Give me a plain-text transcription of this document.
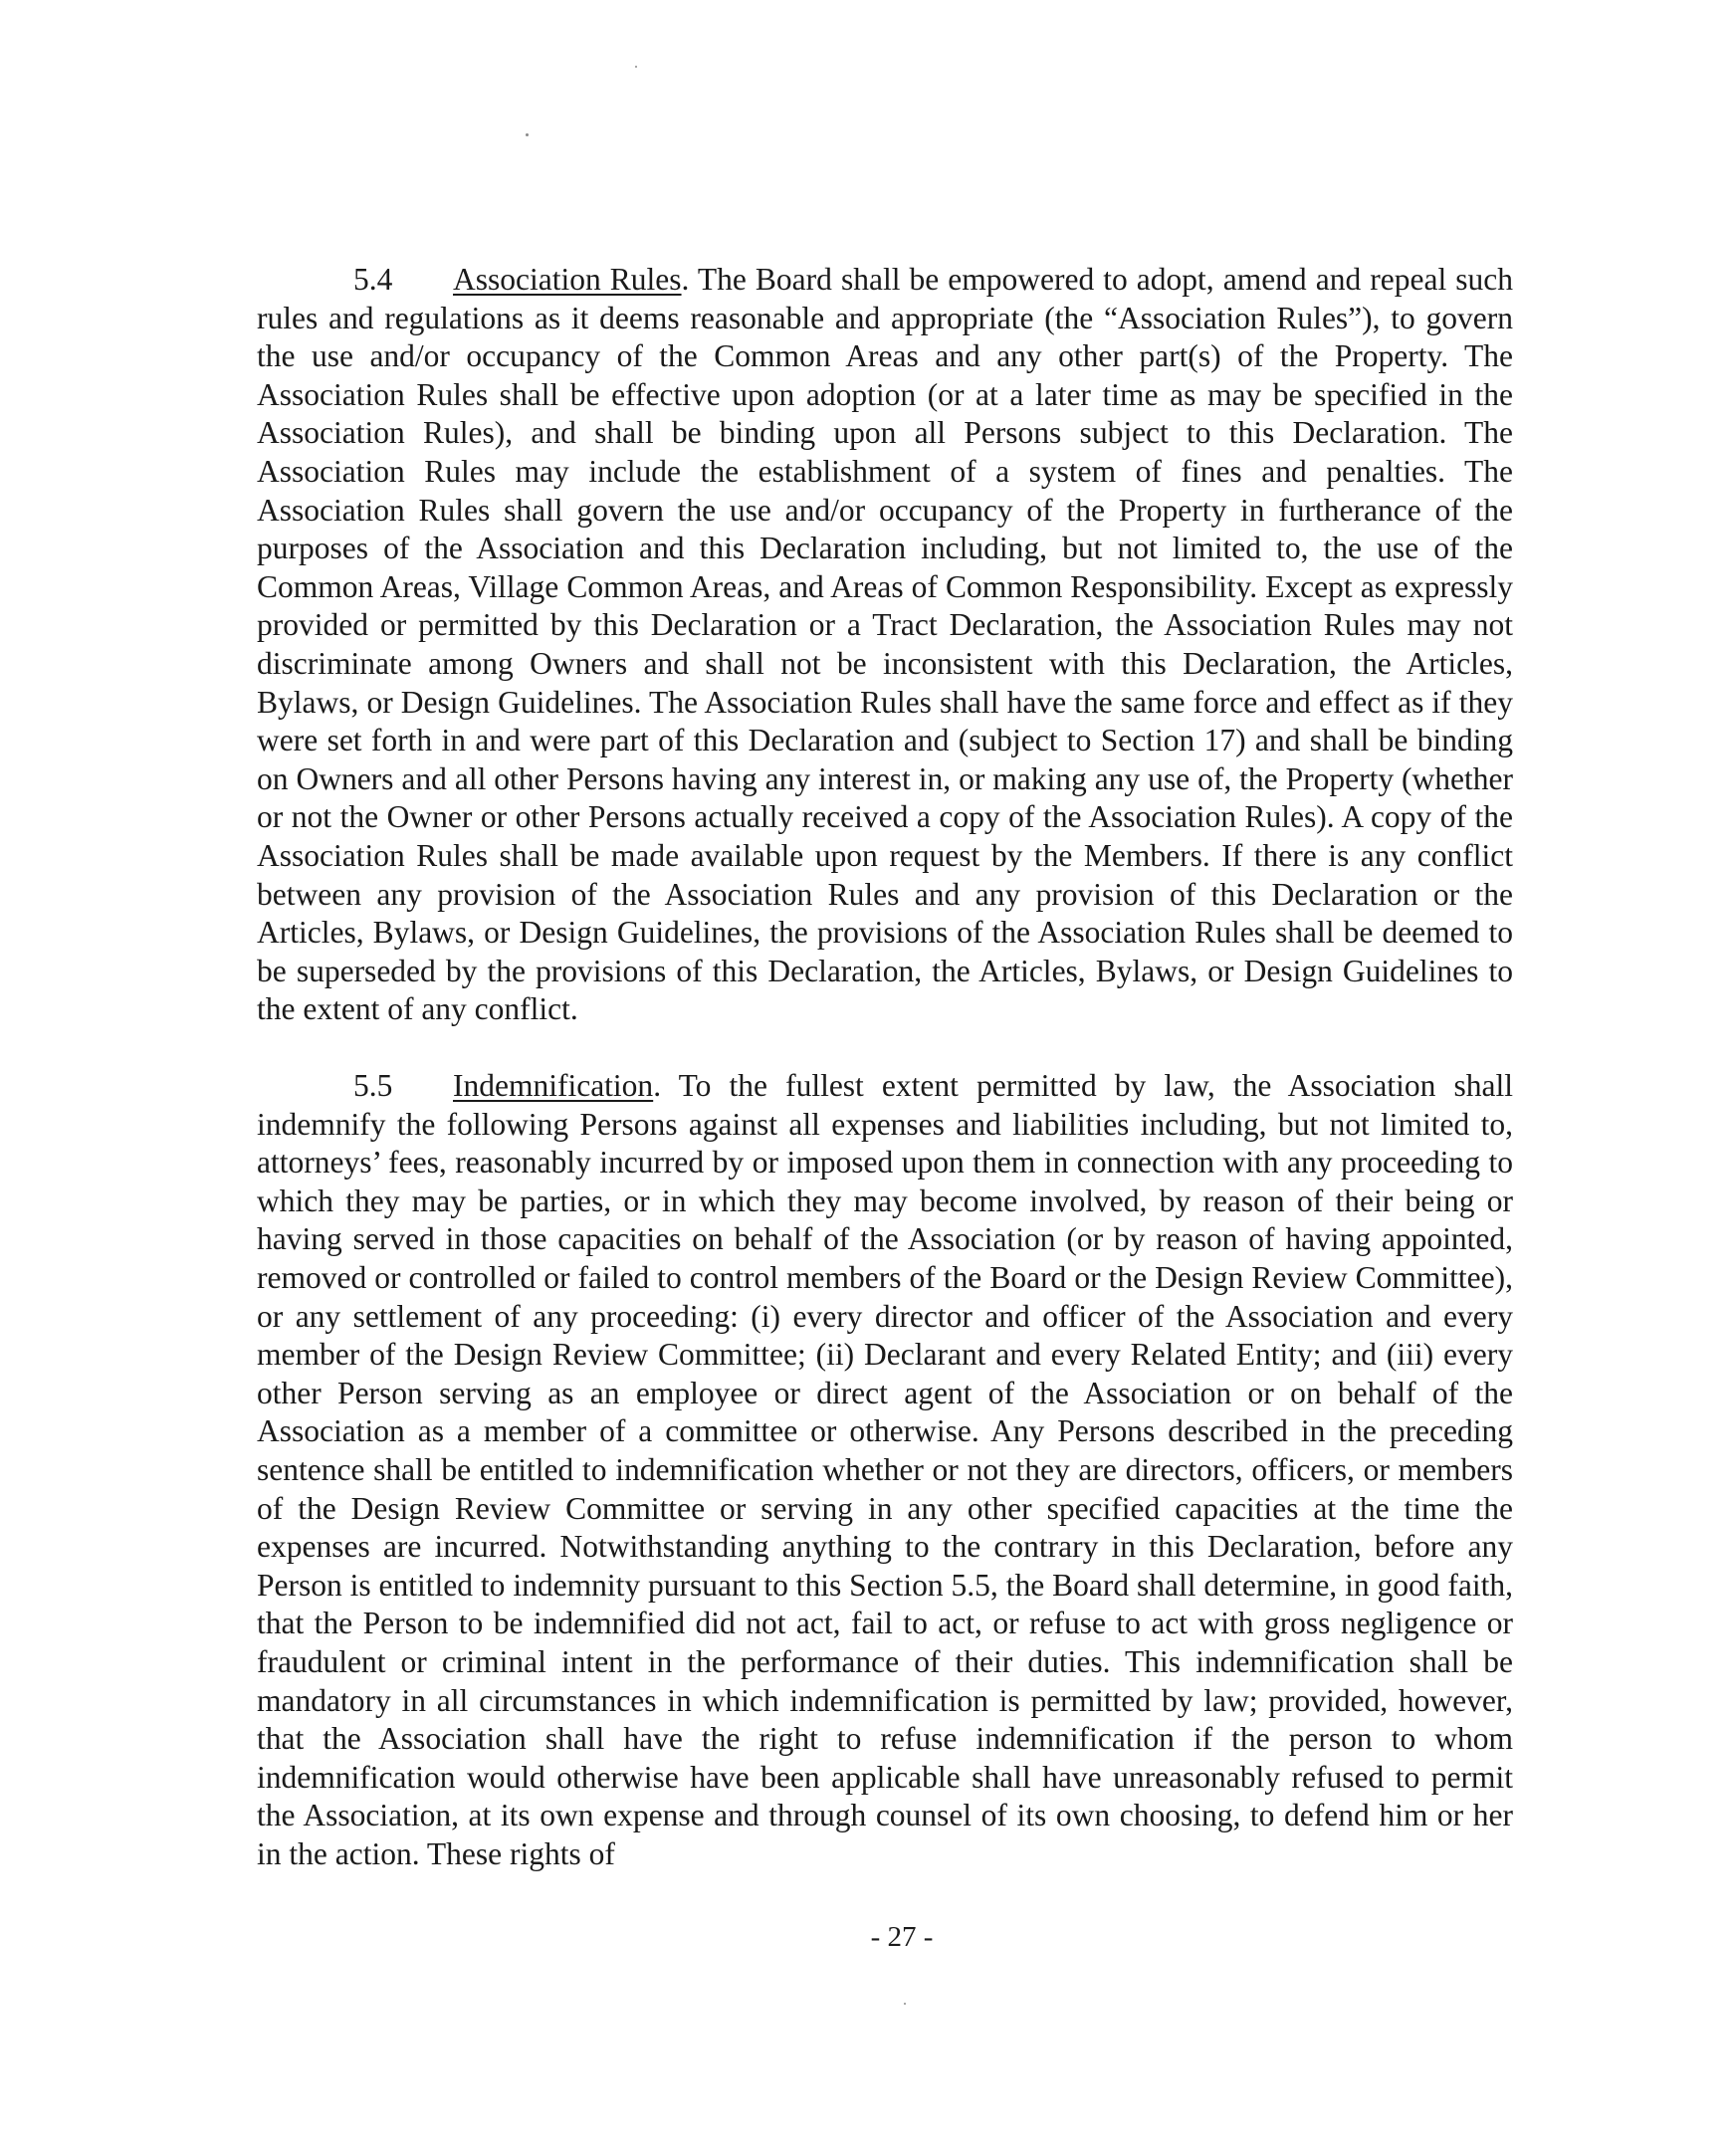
5.4 Association Rules. The Board shall be empowered to adopt, amend and repeal such rules and regulations as it deems reasonable and appropriate (the “Association Rules”), to govern the use and/or occupancy of the Common Areas and any other part(s) of the Property. The Association Rules shall be effective upon adoption (or at a later time as may be specified in the Association Rules), and shall be binding upon all Persons subject to this Declaration. The Association Rules may include the establishment of a system of fines and penalties. The Association Rules shall govern the use and/or occupancy of the Property in furtherance of the purposes of the Association and this Declaration including, but not limited to, the use of the Common Areas, Village Common Areas, and Areas of Common Responsibility. Except as expressly provided or permitted by this Declaration or a Tract Declaration, the Association Rules may not discriminate among Owners and shall not be inconsistent with this Declaration, the Articles, Bylaws, or Design Guidelines. The Association Rules shall have the same force and effect as if they were set forth in and were part of this Declaration and (subject to Section 17) and shall be binding on Owners and all other Persons having any interest in, or making any use of, the Property (whether or not the Owner or other Persons actually received a copy of the Association Rules). A copy of the Association Rules shall be made available upon request by the Members. If there is any conflict between any provision of the Association Rules and any provision of this Declaration or the Articles, Bylaws, or Design Guidelines, the provisions of the Association Rules shall be deemed to be superseded by the provisions of this Declaration, the Articles, Bylaws, or Design Guidelines to the extent of any conflict.

5.5 Indemnification. To the fullest extent permitted by law, the Association shall indemnify the following Persons against all expenses and liabilities including, but not limited to, attorneys’ fees, reasonably incurred by or imposed upon them in connection with any proceeding to which they may be parties, or in which they may become involved, by reason of their being or having served in those capacities on behalf of the Association (or by reason of having appointed, removed or controlled or failed to control members of the Board or the Design Review Committee), or any settlement of any proceeding: (i) every director and officer of the Association and every member of the Design Review Committee; (ii) Declarant and every Related Entity; and (iii) every other Person serving as an employee or direct agent of the Association or on behalf of the Association as a member of a committee or otherwise. Any Persons described in the preceding sentence shall be entitled to indemnification whether or not they are directors, officers, or members of the Design Review Committee or serving in any other specified capacities at the time the expenses are incurred. Notwithstanding anything to the contrary in this Declaration, before any Person is entitled to indemnity pursuant to this Section 5.5, the Board shall determine, in good faith, that the Person to be indemnified did not act, fail to act, or refuse to act with gross negligence or fraudulent or criminal intent in the performance of their duties. This indemnification shall be mandatory in all circumstances in which indemnification is permitted by law; provided, however, that the Association shall have the right to refuse indemnification if the person to whom indemnification would otherwise have been applicable shall have unreasonably refused to permit the Association, at its own expense and through counsel of its own choosing, to defend him or her in the action. These rights of

- 27 -
